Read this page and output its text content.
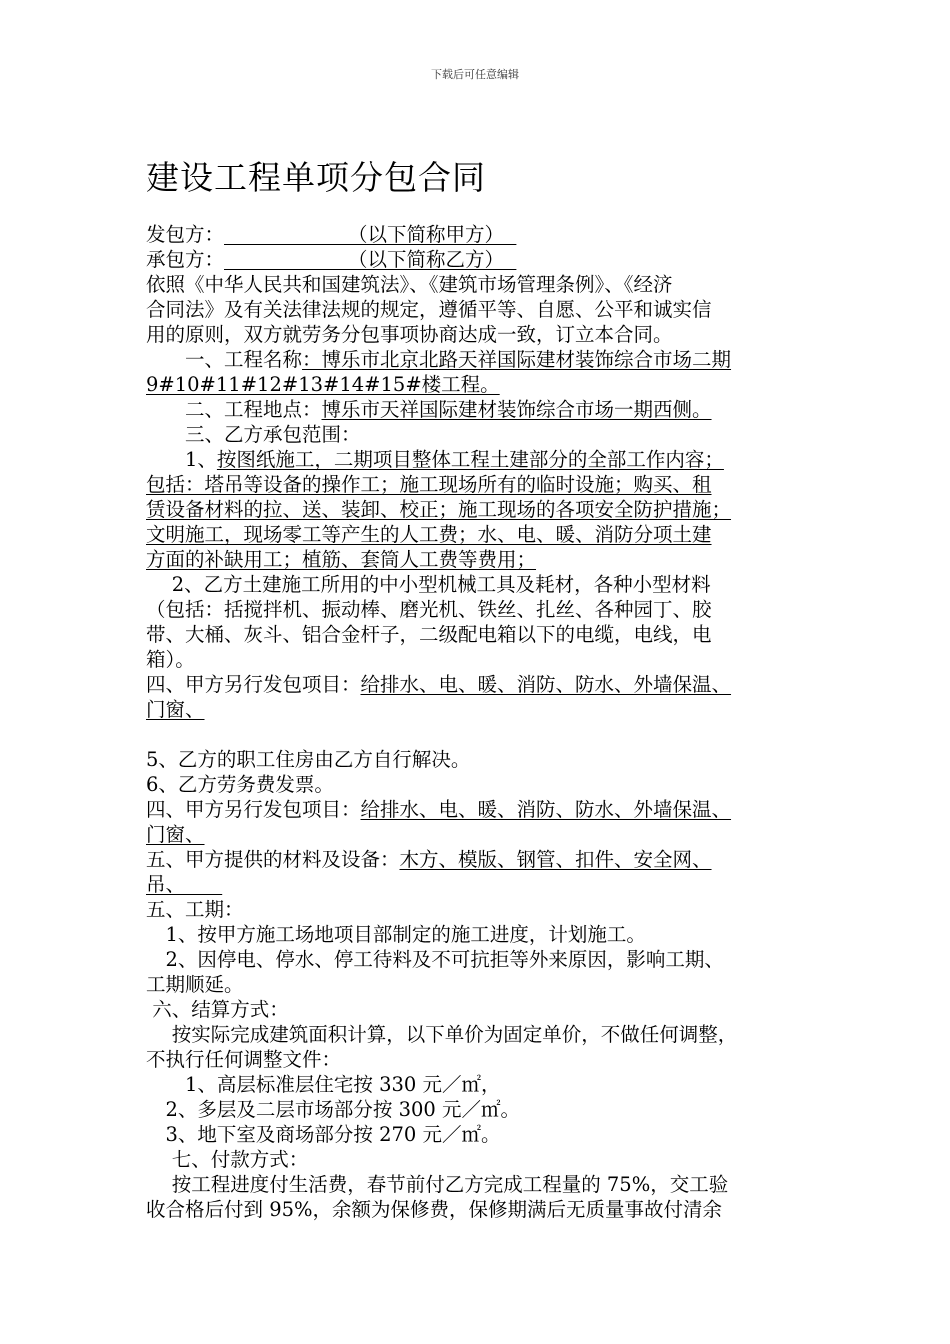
下载后可任意编辑
建设工程单项分包合同
发包方：                    （以下简称甲方）
承包方：                    （以下简称乙方）
依照《中华人民共和国建筑法》、《建筑市场管理条例》、《经济
合同法》及有关法律法规的规定，遵循平等、自愿、公平和诚实信
用的原则，双方就劳务分包事项协商达成一致，订立本合同。
　　一、工程名称：博乐市北京北路天祥国际建材装饰综合市场二期
9#10#11#12#13#14#15#楼工程。
　　二、工程地点：博乐市天祥国际建材装饰综合市场一期西侧。
　　三、乙方承包范围：
　　1、按图纸施工，二期项目整体工程土建部分的全部工作内容；
包括：塔吊等设备的操作工；施工现场所有的临时设施；购买、租
赁设备材料的拉、送、装卸、校正；施工现场的各项安全防护措施；
文明施工，现场零工等产生的人工费；水、电、暖、消防分项土建
方面的补缺用工；植筋、套筒人工费等费用；
　 2、乙方土建施工所用的中小型机械工具及耗材，各种小型材料
（包括：括搅拌机、振动棒、磨光机、铁丝、扎丝、各种园丁、胶
带、大桶、灰斗、铝合金杆子，二级配电箱以下的电缆，电线，电
箱）。
四、甲方另行发包项目：给排水、电、暖、消防、防水、外墙保温、
门窗、
5、乙方的职工住房由乙方自行解决。
6、乙方劳务费发票。
四、甲方另行发包项目：给排水、电、暖、消防、防水、外墙保温、
门窗、
五、甲方提供的材料及设备：木方、模版、钢管、扣件、安全网、
吊、
五、工期：
　1、按甲方施工场地项目部制定的施工进度，计划施工。
　2、因停电、停水、停工待料及不可抗拒等外来原因，影响工期、
工期顺延。
六、结算方式：
　 按实际完成建筑面积计算，以下单价为固定单价，不做任何调整，
不执行任何调整文件：
　　1、高层标准层住宅按 330 元／㎡，
　2、多层及二层市场部分按 300 元／㎡。
　3、地下室及商场部分按 270 元／㎡。
　七、付款方式：
　 按工程进度付生活费，春节前付乙方完成工程量的 75%，交工验
收合格后付到 95%，余额为保修费，保修期满后无质量事故付清余
